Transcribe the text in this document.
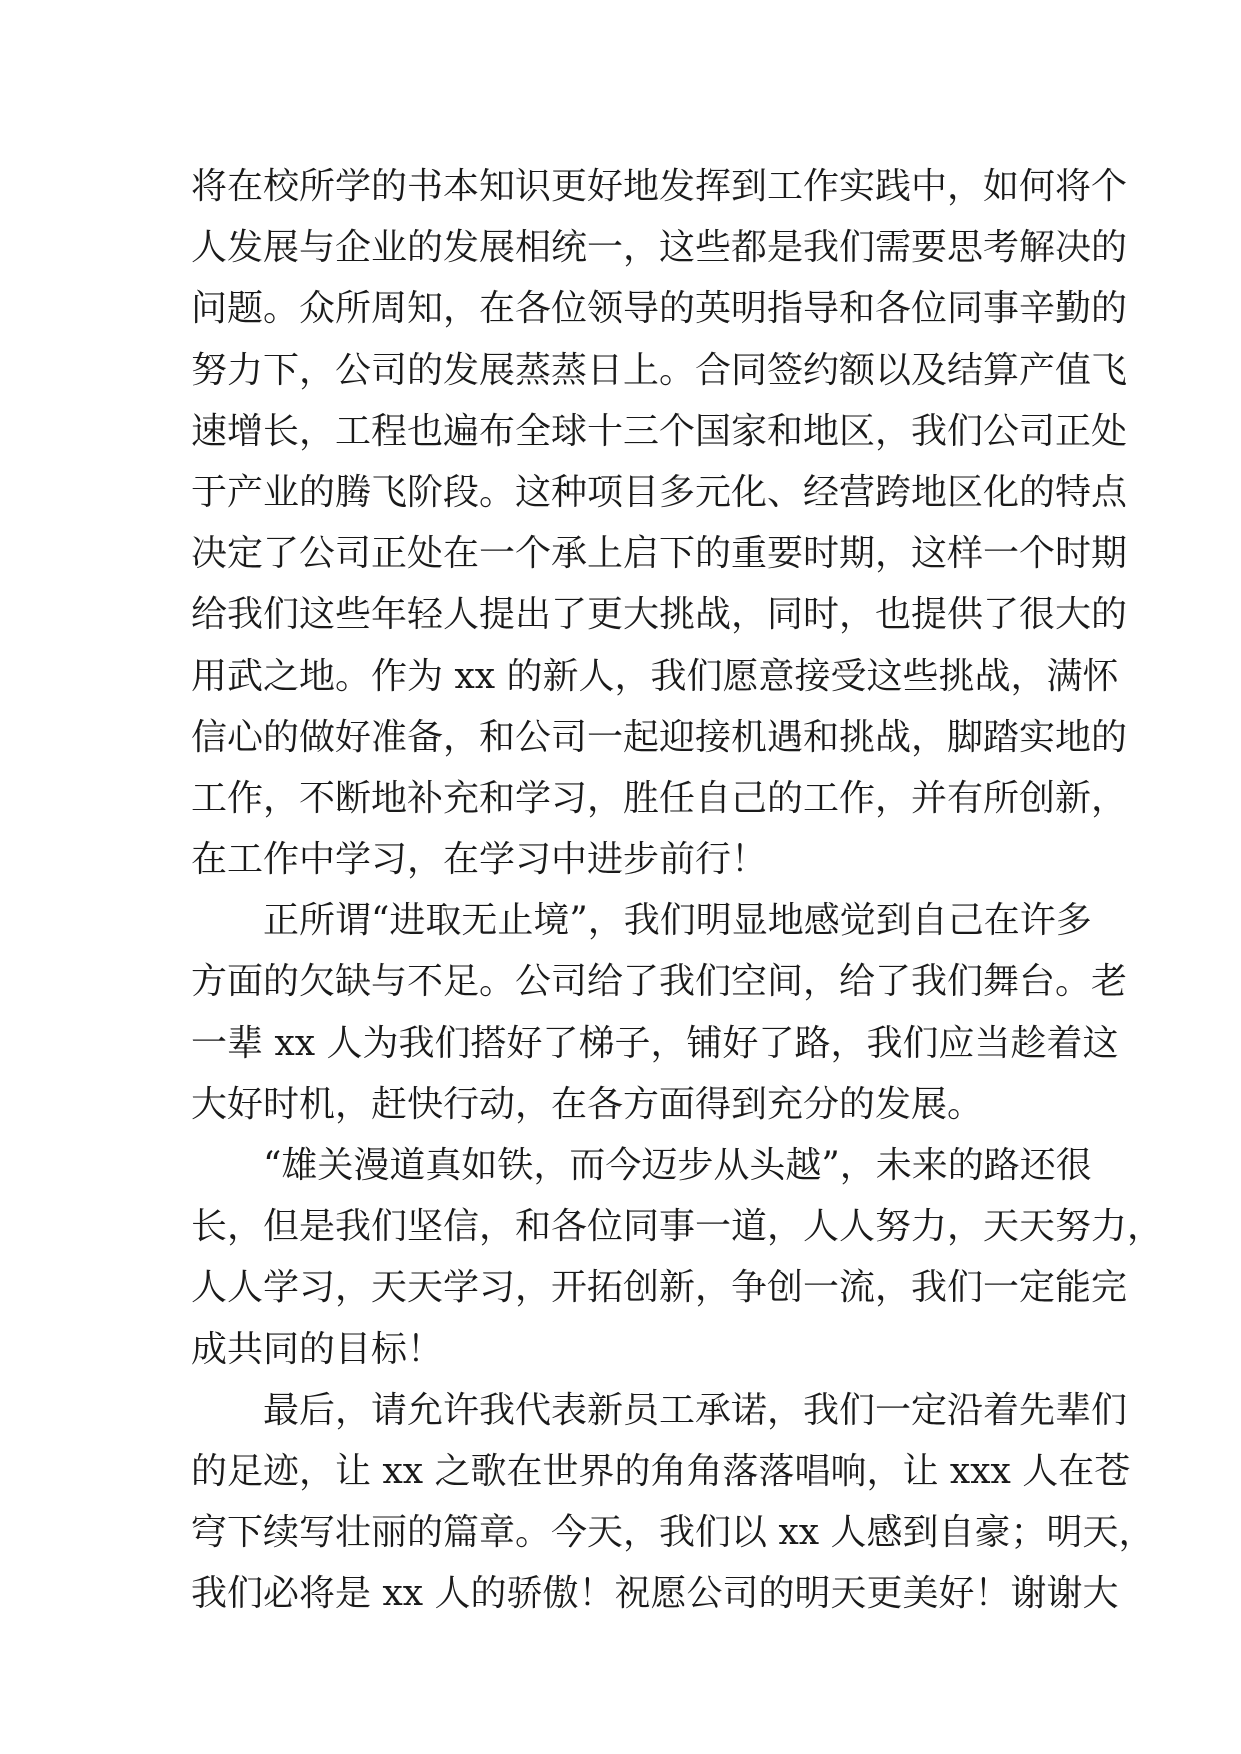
将在校所学的书本知识更好地发挥到工作实践中，如何将个
人发展与企业的发展相统一，这些都是我们需要思考解决的
问题。众所周知，在各位领导的英明指导和各位同事辛勤的
努力下，公司的发展蒸蒸日上。合同签约额以及结算产值飞
速增长，工程也遍布全球十三个国家和地区，我们公司正处
于产业的腾飞阶段。这种项目多元化、经营跨地区化的特点
决定了公司正处在一个承上启下的重要时期，这样一个时期
给我们这些年轻人提出了更大挑战，同时，也提供了很大的
用武之地。作为 xx 的新人，我们愿意接受这些挑战，满怀
信心的做好准备，和公司一起迎接机遇和挑战，脚踏实地的
工作，不断地补充和学习，胜任自己的工作，并有所创新，
在工作中学习，在学习中进步前行！
正所谓“进取无止境”，我们明显地感觉到自己在许多
方面的欠缺与不足。公司给了我们空间，给了我们舞台。老
一辈 xx 人为我们搭好了梯子，铺好了路，我们应当趁着这
大好时机，赶快行动，在各方面得到充分的发展。
“雄关漫道真如铁，而今迈步从头越”，未来的路还很
长，但是我们坚信，和各位同事一道，人人努力，天天努力，
人人学习，天天学习，开拓创新，争创一流，我们一定能完
成共同的目标！
最后，请允许我代表新员工承诺，我们一定沿着先辈们
的足迹，让 xx 之歌在世界的角角落落唱响，让 xxx 人在苍
穹下续写壮丽的篇章。今天，我们以 xx 人感到自豪；明天，
我们必将是 xx 人的骄傲！祝愿公司的明天更美好！谢谢大
